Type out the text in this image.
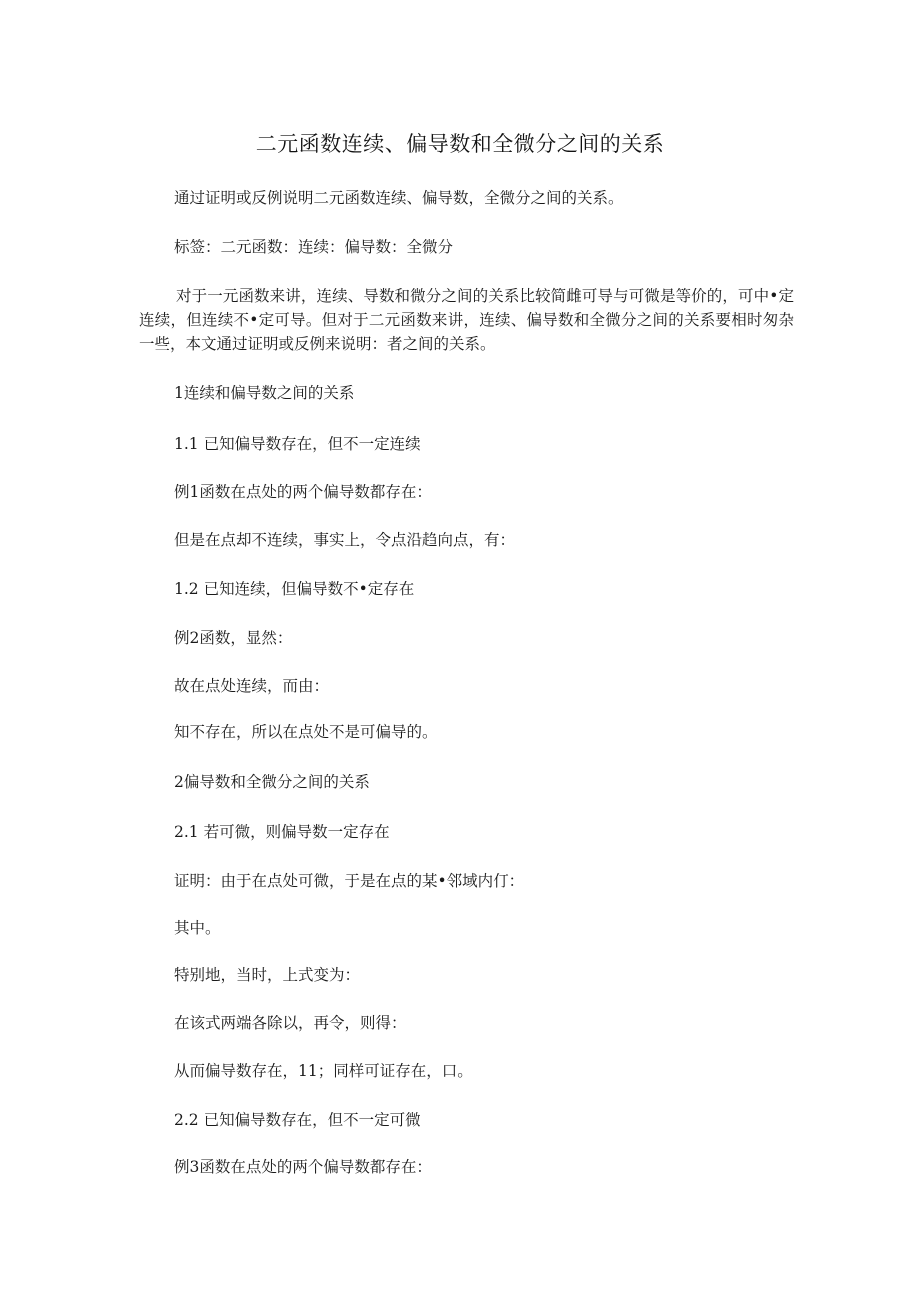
二元函数连续、偏导数和全微分之间的关系

通过证明或反例说明二元函数连续、偏导数，全微分之间的关系。

标签：二元函数：连续：偏导数：全微分

对于一元函数来讲，连续、导数和微分之间的关系比较简雌可导与可微是等价的，可中•定连续，但连续不•定可导。但对于二元函数来讲，连续、偏导数和全微分之间的关系要相时匆杂一些，本文通过证明或反例来说明：者之间的关系。

1连续和偏导数之间的关系

1.1 已知偏导数存在，但不一定连续

例1函数在点处的两个偏导数都存在：

但是在点却不连续，事实上，令点沿趋向点，有：

1.2 已知连续，但偏导数不•定存在

例2函数，显然：

故在点处连续，而由：

知不存在，所以在点处不是可偏导的。

2偏导数和全微分之间的关系

2.1 若可微，则偏导数一定存在

证明：由于在点处可微，于是在点的某•邻域内仃：

其中。

特别地，当时，上式变为：

在该式两端各除以，再令，则得：

从而偏导数存在，11；同样可证存在，口。

2.2 已知偏导数存在，但不一定可微

例3函数在点处的两个偏导数都存在：
